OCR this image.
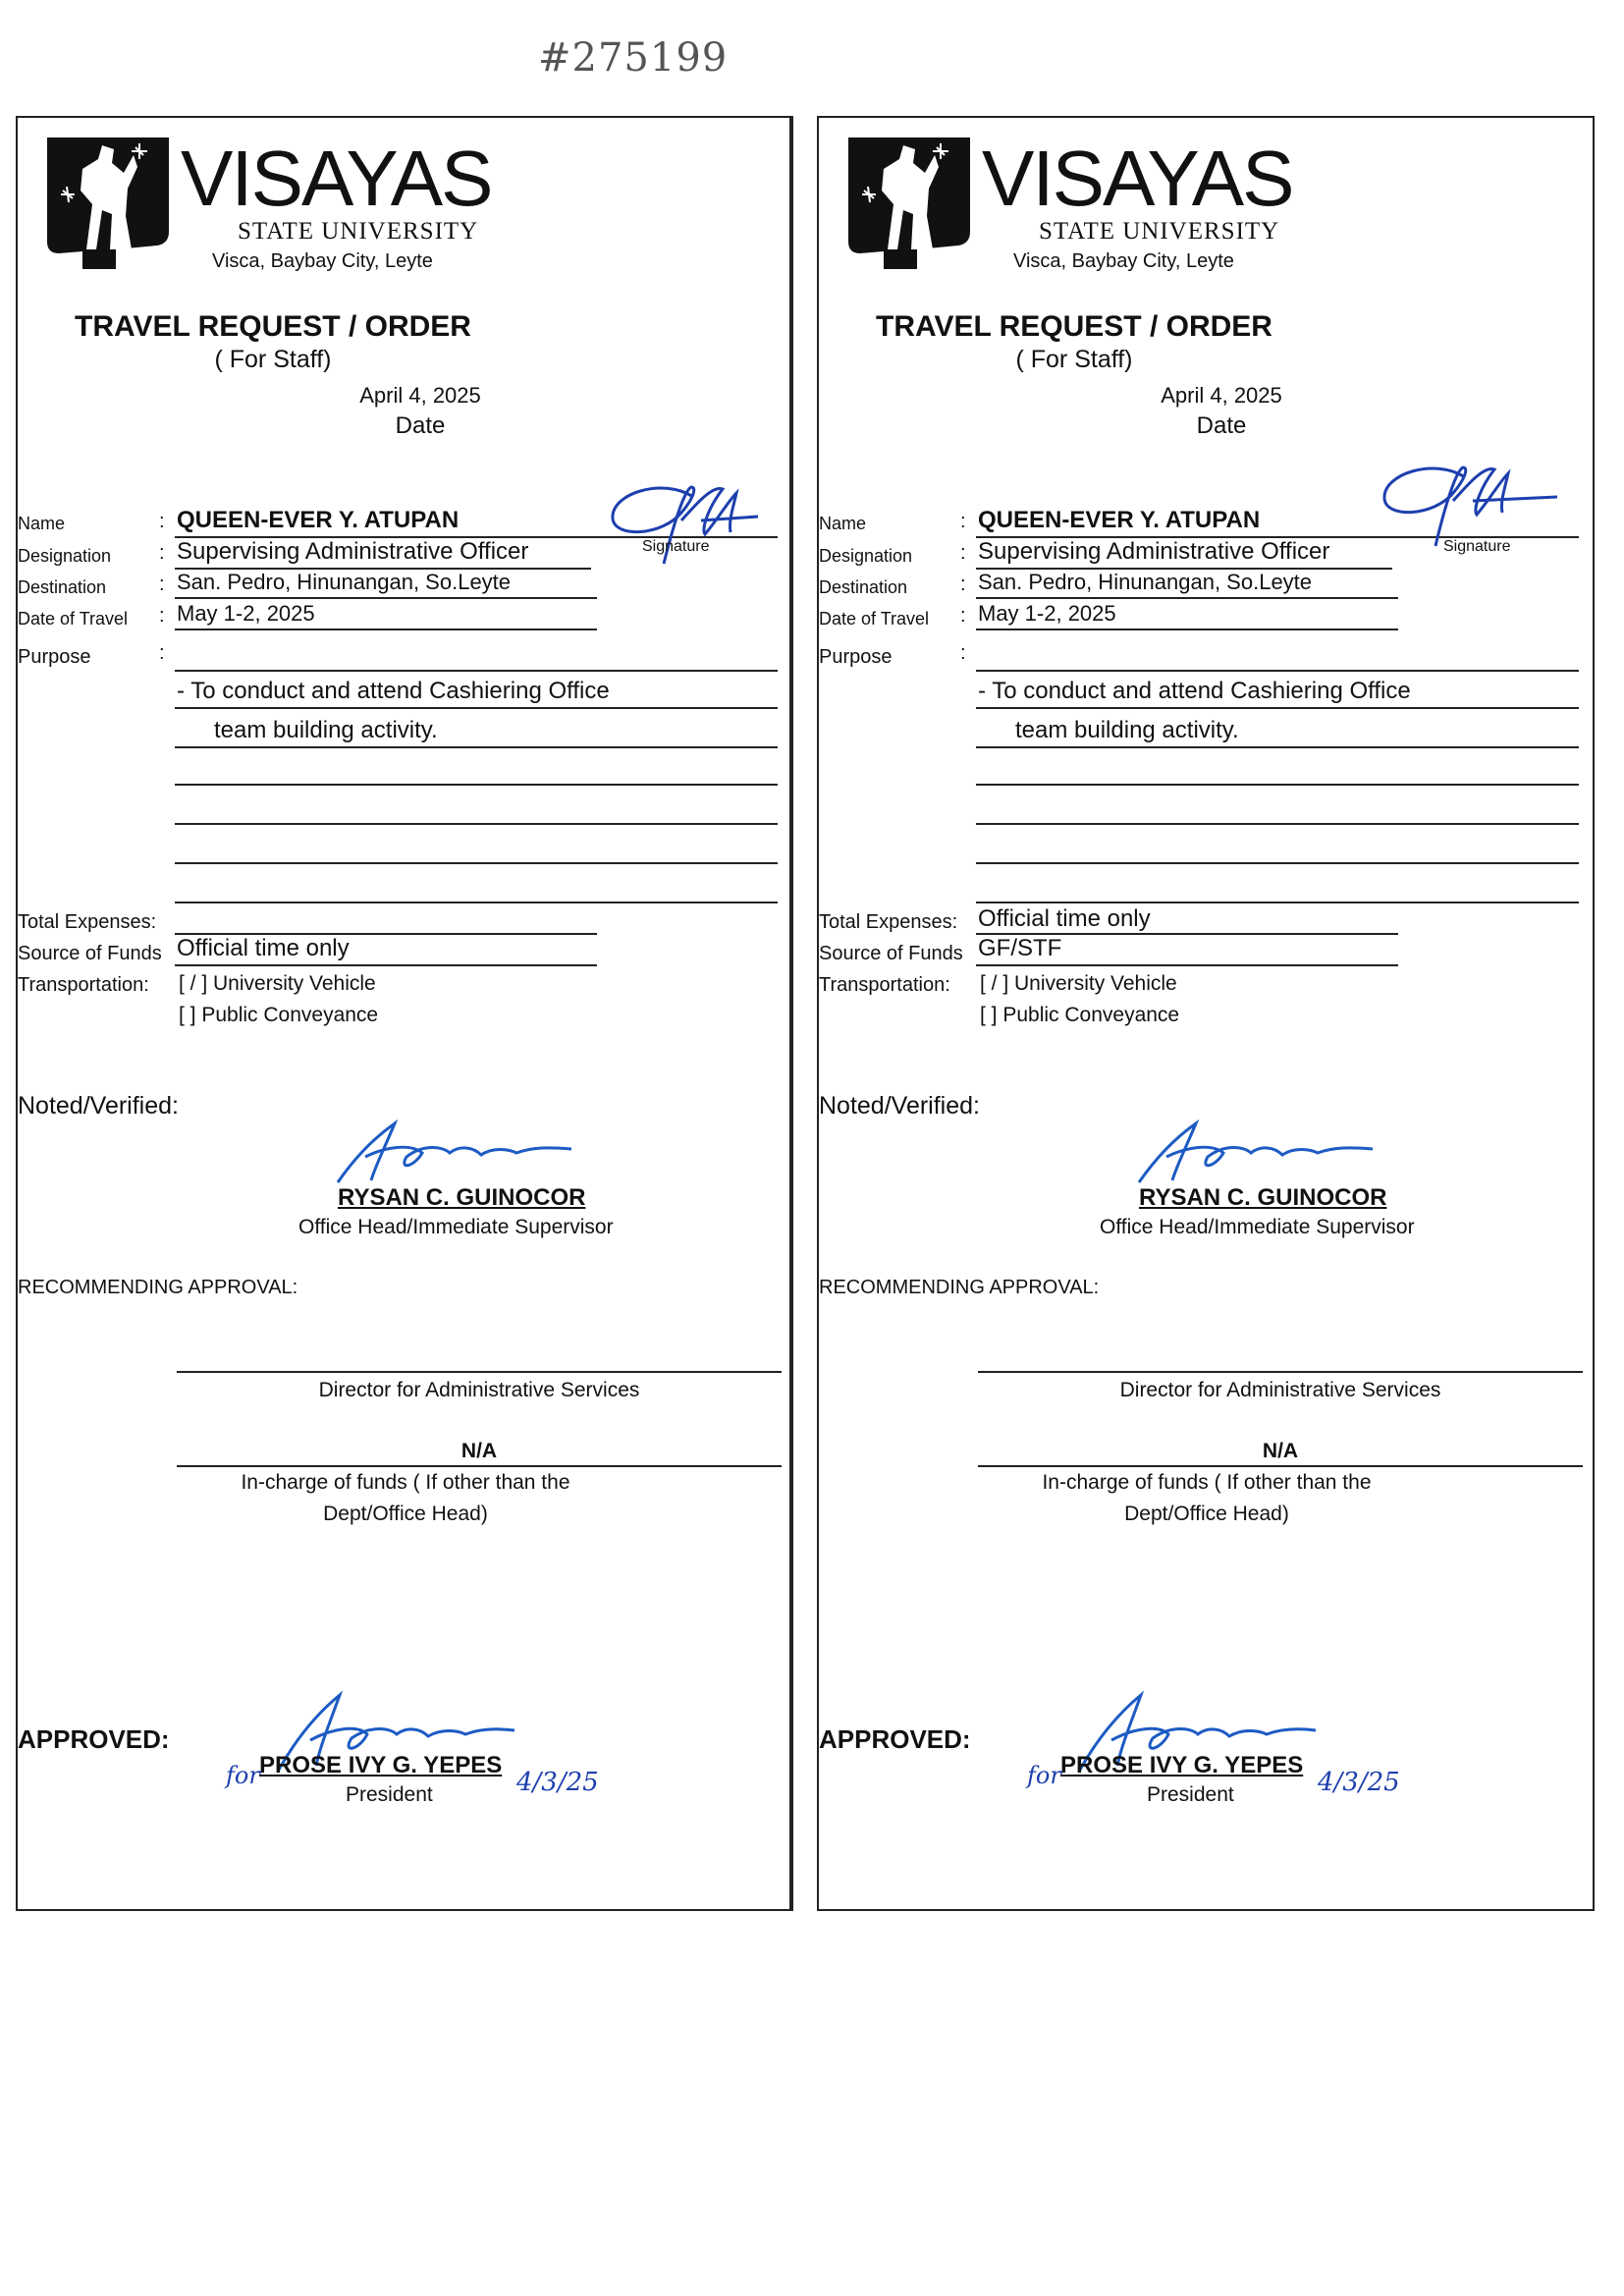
#275199
VISAYAS
STATE UNIVERSITY
Visca, Baybay City, Leyte
TRAVEL REQUEST / ORDER
( For Staff)
April 4, 2025
Date
Name	: QUEEN-EVER Y. ATUPAN
Designation : Supervising Administrative Officer
Destination	: San. Pedro, Hinunangan, So.Leyte
Date of Travel : May 1-2, 2025
Purpose	:
- To conduct and attend Cashiering Office
team building activity.
Total Expenses:
Source of Funds Official time only
Transportation: [ / ] University Vehicle
[ ] Public Conveyance
Signature
Noted/Verified:
RYSAN C. GUINOCOR
Office Head/Immediate Supervisor
RECOMMENDING APPROVAL:
Director for Administrative Services
N/A
In-charge of funds ( If other than the
Dept/Office Head)
APPROVED:
for PROSE IVY G. YEPES
President	4/3/25
VISAYAS
STATE UNIVERSITY
Visca, Baybay City, Leyte
TRAVEL REQUEST / ORDER
( For Staff)
April 4, 2025
Date
Name	: QUEEN-EVER Y. ATUPAN
Designation : Supervising Administrative Officer
Destination	: San. Pedro, Hinunangan, So.Leyte
Date of Travel : May 1-2, 2025
Purpose	:
- To conduct and attend Cashiering Office
team building activity.
Total Expenses: Official time only
Source of Funds GF/STF
Transportation: [ / ] University Vehicle
[ ] Public Conveyance
Signature
Noted/Verified:
RYSAN C. GUINOCOR
Office Head/Immediate Supervisor
RECOMMENDING APPROVAL:
Director for Administrative Services
N/A
In-charge of funds ( If other than the
Dept/Office Head)
APPROVED:
for PROSE IVY G. YEPES
President	4/3/25
